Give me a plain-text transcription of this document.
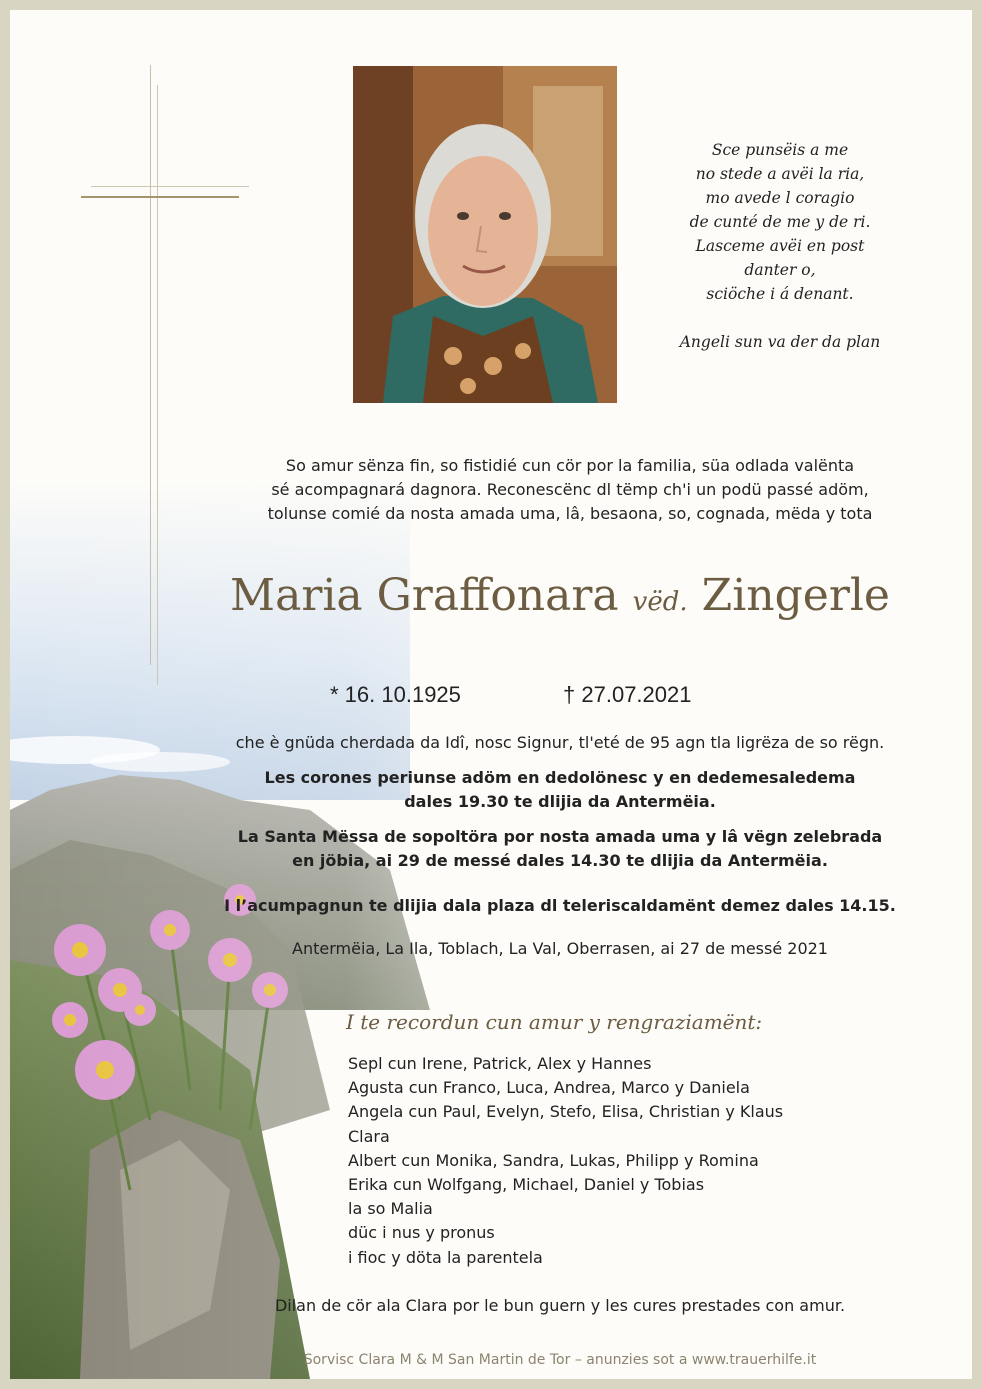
Sce punsëis a me
no stede a avëi la ria,
mo avede l coragio
de cunté de me y de ri.
Lasceme avëi en post
danter o,
sciöche i á denant.
Angeli sun va der da plan
So amur sënza fin, so fistidié cun cör por la familia, süa odlada valënta
sé acompagnará dagnora. Reconescënc dl tëmp ch'i un podü passé adöm,
tolunse comié da nosta amada uma, lâ, besaona, so, cognada, mëda y tota
Maria Graffonara vëd. Zingerle
* 16. 10.1925	† 27.07.2021
che è gnüda cherdada da Idî, nosc Signur, tl'eté de 95 agn tla ligrëza de so rëgn.
Les corones periunse adöm en dedolönesc y en dedemesaledema
dales 19.30 te dlijia da Antermëia.
La Santa Mëssa de sopoltöra por nosta amada uma y lâ vëgn zelebrada
en jöbia, ai 29 de messé dales 14.30 te dlijia da Antermëia.
I l’acumpagnun te dlijia dala plaza dl teleriscaldamënt demez dales 14.15.
Antermëia, La Ila, Toblach, La Val, Oberrasen, ai 27 de messé 2021
I te recordun cun amur y rengraziamënt:
Sepl cun Irene, Patrick, Alex y Hannes
Agusta cun Franco, Luca, Andrea, Marco y Daniela
Angela cun Paul, Evelyn, Stefo, Elisa, Christian y Klaus
Clara
Albert cun Monika, Sandra, Lukas, Philipp y Romina
Erika cun Wolfgang, Michael, Daniel y Tobias
la so Malia
düc i nus y pronus
i fioc y döta la parentela
Dilan de cör ala Clara por le bun guern y les cures prestades con amur.
Sorvisc Clara M & M San Martin de Tor – anunzies sot a www.trauerhilfe.it
